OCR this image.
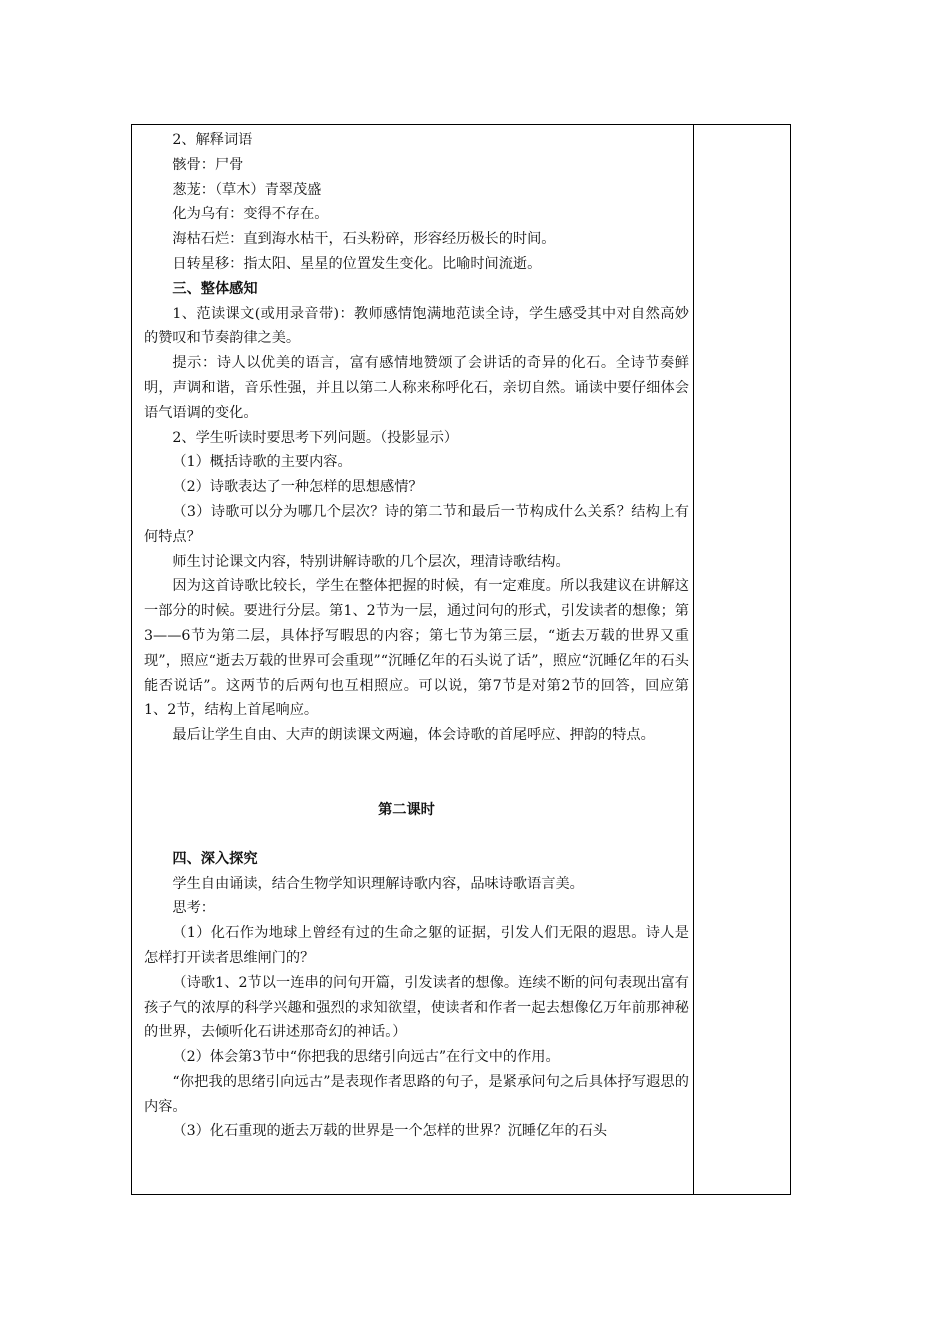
2、解释词语

骸骨：尸骨

葱茏：（草木）青翠茂盛

化为乌有：变得不存在。

海枯石烂：直到海水枯干，石头粉碎，形容经历极长的时间。

日转星移：指太阳、星星的位置发生变化。比喻时间流逝。

三、整体感知

1、范读课文(或用录音带)：教师感情饱满地范读全诗，学生感受其中对自然高妙的赞叹和节奏韵律之美。

提示：诗人以优美的语言，富有感情地赞颂了会讲话的奇异的化石。全诗节奏鲜明，声调和谐，音乐性强，并且以第二人称来称呼化石，亲切自然。诵读中要仔细体会语气语调的变化。

2、学生听读时要思考下列问题。（投影显示）

（1）概括诗歌的主要内容。

（2）诗歌表达了一种怎样的思想感情？

（3）诗歌可以分为哪几个层次？诗的第二节和最后一节构成什么关系？结构上有何特点？

师生讨论课文内容，特别讲解诗歌的几个层次，理清诗歌结构。

因为这首诗歌比较长，学生在整体把握的时候，有一定难度。所以我建议在讲解这一部分的时候。要进行分层。第1、2节为一层，通过问句的形式，引发读者的想像；第3——6节为第二层，具体抒写暇思的内容；第七节为第三层，“逝去万载的世界又重现”，照应“逝去万载的世界可会重现”“沉睡亿年的石头说了话”，照应“沉睡亿年的石头能否说话”。这两节的后两句也互相照应。可以说，第7节是对第2节的回答，回应第1、2节，结构上首尾响应。

最后让学生自由、大声的朗读课文两遍，体会诗歌的首尾呼应、押韵的特点。

第二课时

四、深入探究

学生自由诵读，结合生物学知识理解诗歌内容，品味诗歌语言美。

思考：

（1）化石作为地球上曾经有过的生命之躯的证据，引发人们无限的遐思。诗人是怎样打开读者思维闸门的？

（诗歌1、2节以一连串的问句开篇，引发读者的想像。连续不断的问句表现出富有孩子气的浓厚的科学兴趣和强烈的求知欲望，使读者和作者一起去想像亿万年前那神秘的世界，去倾听化石讲述那奇幻的神话。）

（2）体会第3节中“你把我的思绪引向远古”在行文中的作用。

“你把我的思绪引向远古”是表现作者思路的句子，是紧承问句之后具体抒写遐思的内容。

（3）化石重现的逝去万载的世界是一个怎样的世界？沉睡亿年的石头
